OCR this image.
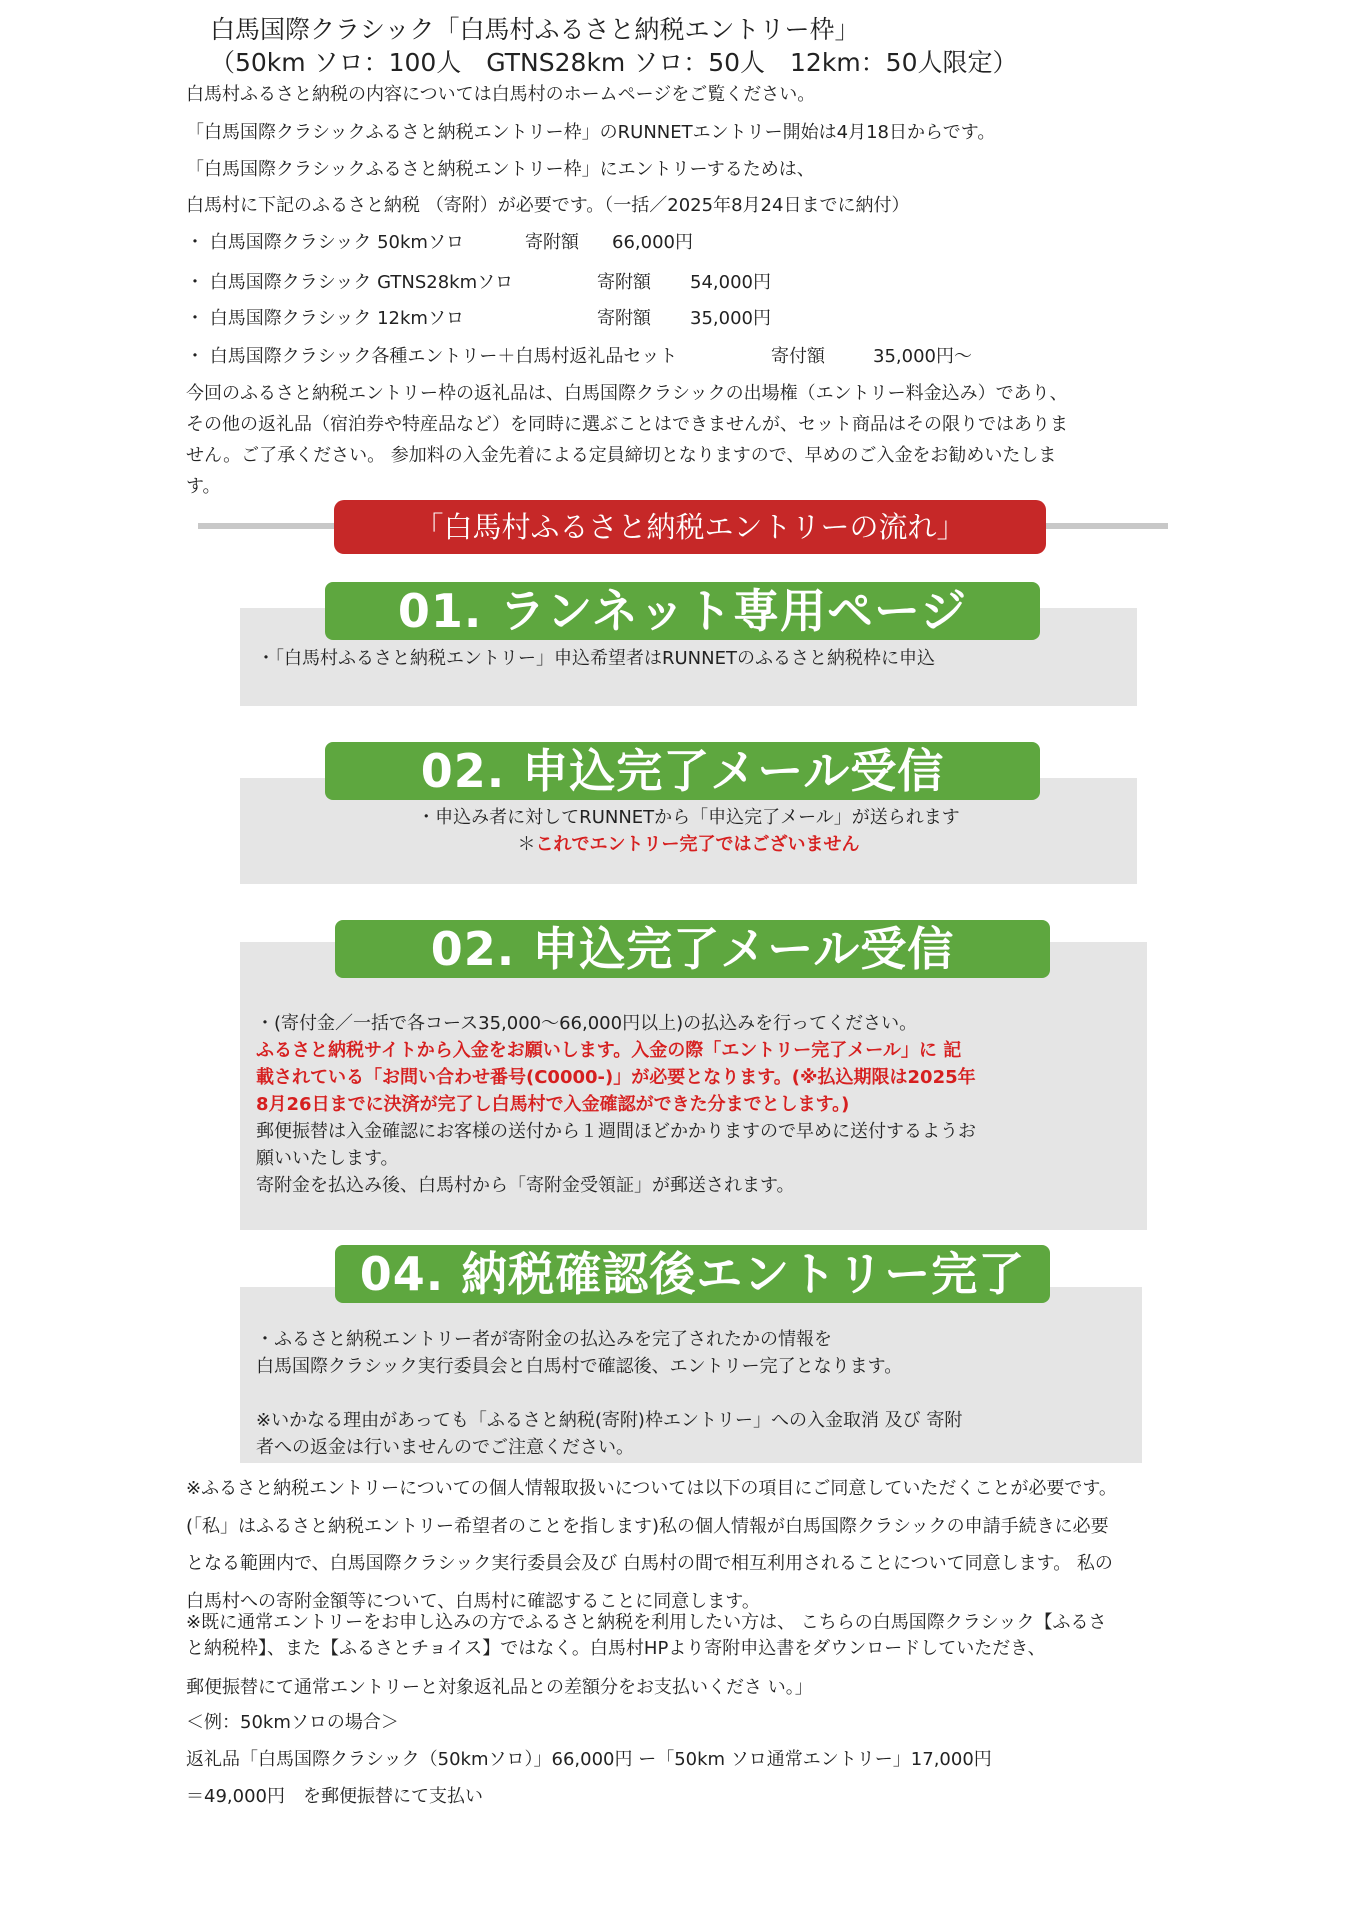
白馬国際クラシック「白馬村ふるさと納税エントリー枠」
（50km ソロ：100人　GTNS28km ソロ：50人　12km：50人限定）
白馬村ふるさと納税の内容については白馬村のホームページをご覧ください。
「白馬国際クラシックふるさと納税エントリー枠」のRUNNETエントリー開始は4月18日からです。
「白馬国際クラシックふるさと納税エントリー枠」にエントリーするためは、
白馬村に下記のふるさと納税 （寄附）が必要です。（一括／2025年8月24日までに納付）
・ 白馬国際クラシック 50kmソロ	寄附額 66,000円
・ 白馬国際クラシック GTNS28kmソロ	寄附額 54,000円
・ 白馬国際クラシック 12kmソロ	寄附額 35,000円
・ 白馬国際クラシック各種エントリー＋白馬村返礼品セット	寄付額	35,000円〜
今回のふるさと納税エントリー枠の返礼品は、白馬国際クラシックの出場権（エントリー料金込み）であり、
その他の返礼品（宿泊券や特産品など）を同時に選ぶことはできませんが、セット商品はその限りではありま
せん。ご了承ください。 参加料の入金先着による定員締切となりますので、早めのご入金をお勧めいたしま
す。
「白馬村ふるさと納税エントリーの流れ」
01. ランネット専用ページ
・「白馬村ふるさと納税エントリー」申込希望者はRUNNETのふるさと納税枠に申込
02. 申込完了メール受信
・申込み者に対してRUNNETから「申込完了メール」が送られます
＊これでエントリー完了ではございません
02. 申込完了メール受信
・(寄付金／一括で各コース35,000〜66,000円以上)の払込みを行ってください。
ふるさと納税サイトから入金をお願いします。入金の際「エントリー完了メール」に 記
載されている「お問い合わせ番号(C0000-)」が必要となります。(※払込期限は2025年
8月26日までに決済が完了し白馬村で入金確認ができた分までとします。)
郵便振替は入金確認にお客様の送付から１週間ほどかかりますので早めに送付するようお
願いいたします。
寄附金を払込み後、白馬村から「寄附金受領証」が郵送されます。
04. 納税確認後エントリー完了
・ふるさと納税エントリー者が寄附金の払込みを完了されたかの情報を
白馬国際クラシック実行委員会と白馬村で確認後、エントリー完了となります。
※いかなる理由があっても「ふるさと納税(寄附)枠エントリー」への入金取消 及び 寄附
者への返金は行いませんのでご注意ください。
※ふるさと納税エントリーについての個人情報取扱いについては以下の項目にご同意していただくことが必要です。
(「私」はふるさと納税エントリー希望者のことを指します)私の個人情報が白馬国際クラシックの申請手続きに必要
となる範囲内で、白馬国際クラシック実行委員会及び 白馬村の間で相互利用されることについて同意します。 私の
白馬村への寄附金額等について、白馬村に確認することに同意します。
※既に通常エントリーをお申し込みの方でふるさと納税を利用したい方は、 こちらの白馬国際クラシック【ふるさ
と納税枠】、また【ふるさとチョイス】ではなく。白馬村HPより寄附申込書をダウンロードしていただき、
郵便振替にて通常エントリーと対象返礼品との差額分をお支払いくださ い。」
＜例：50kmソロの場合＞
返礼品「白馬国際クラシック（50kmソロ）」66,000円 ー「50km ソロ通常エントリー」17,000円
＝49,000円　を郵便振替にて支払い
